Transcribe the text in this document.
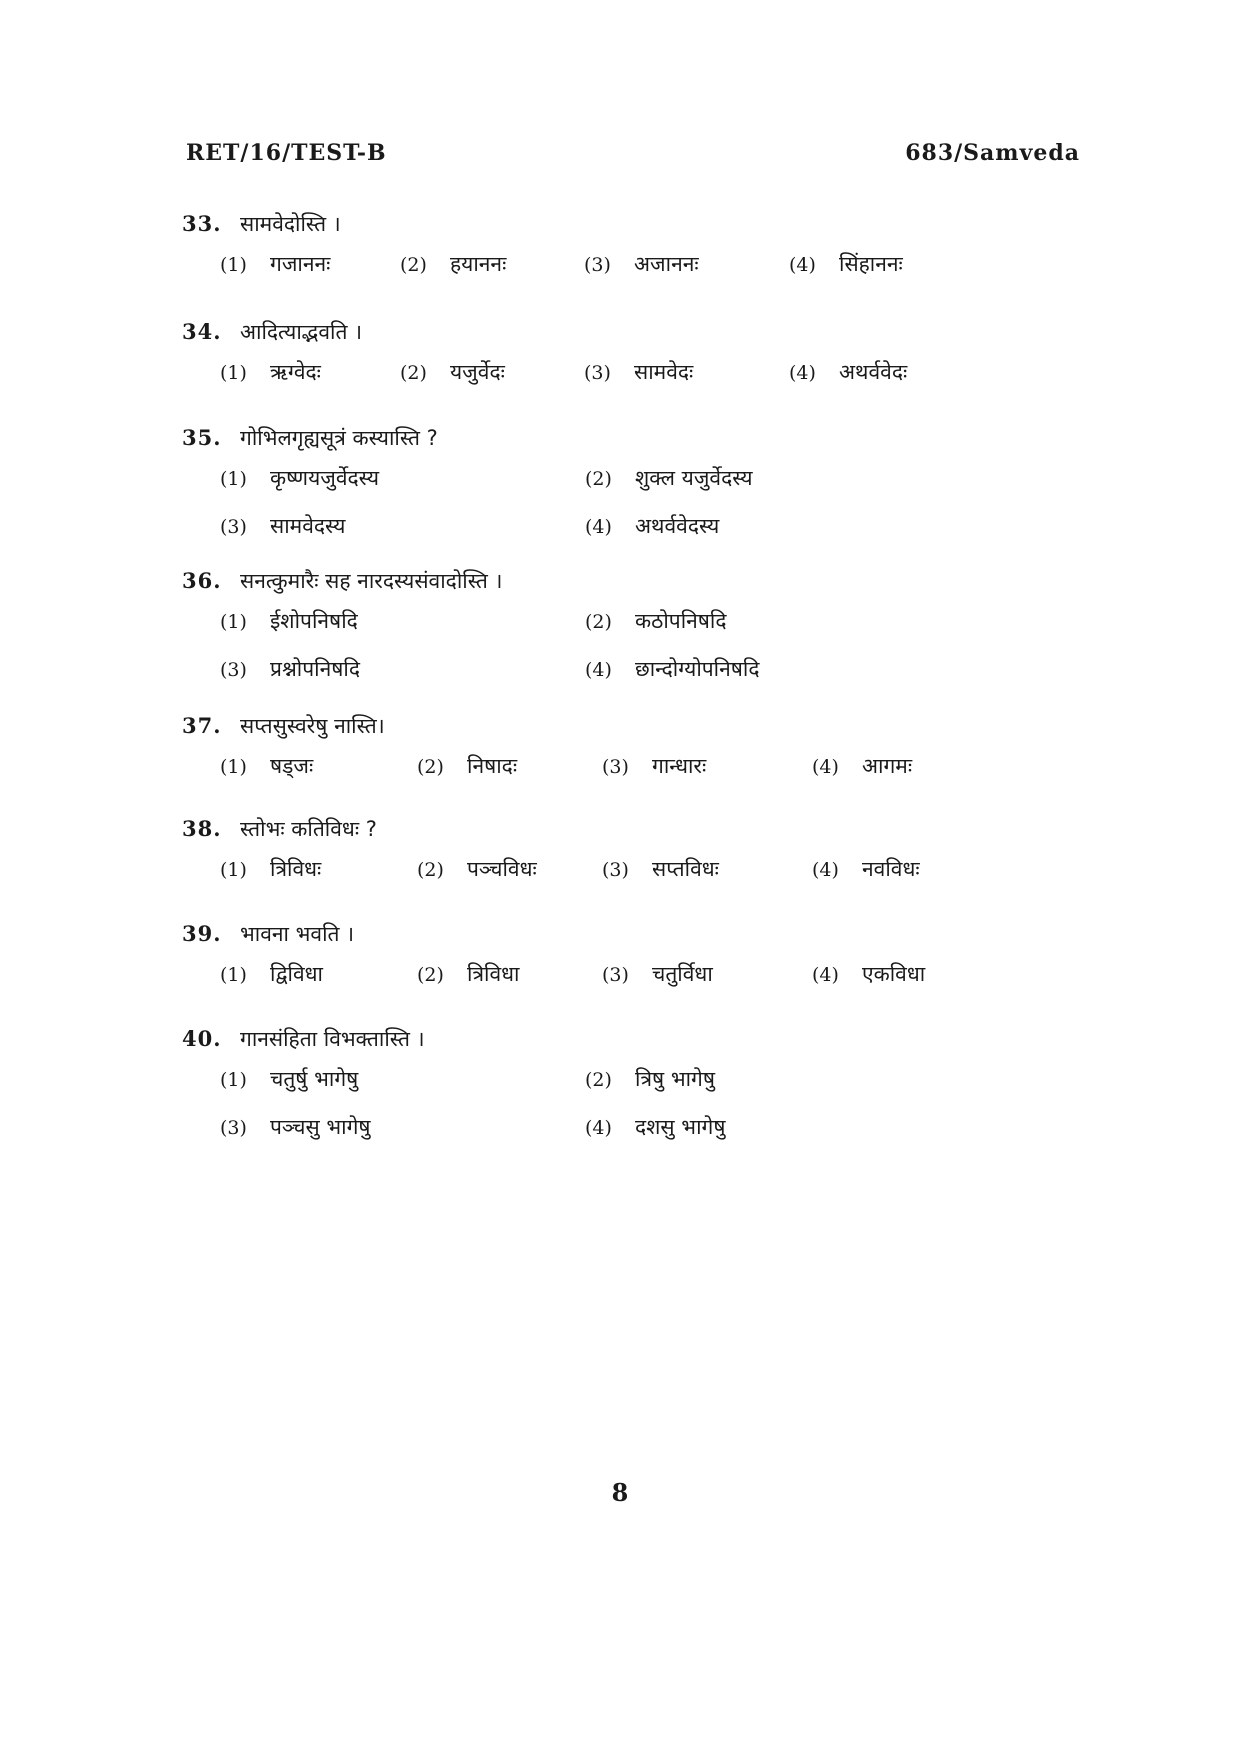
RET/16/TEST-B	683/Samveda
33. सामवेदोस्ति ।
(1)	गजाननः	(2)	हयाननः	(3)	अजाननः	(4)	सिंहाननः
34. आदित्याद्भवति ।
(1)	ऋग्वेदः	(2)	यजुर्वेदः	(3)	सामवेदः	(4)	अथर्ववेदः
35. गोभिलगृह्यसूत्रं कस्यास्ति ?
(1)	कृष्णयजुर्वेदस्य	(2)	शुक्ल यजुर्वेदस्य
(3)	सामवेदस्य	(4)	अथर्ववेदस्य
36. सनत्कुमारैः सह नारदस्यसंवादोस्ति ।
(1)	ईशोपनिषदि	(2)	कठोपनिषदि
(3)	प्रश्नोपनिषदि	(4)	छान्दोग्योपनिषदि
37. सप्तसुस्वरेषु नास्ति।
(1)	षड्जः	(2)	निषादः	(3)	गान्धारः	(4)	आगमः
38. स्तोभः कतिविधः ?
(1)	त्रिविधः	(2)	पञ्चविधः	(3)	सप्तविधः	(4)	नवविधः
39. भावना भवति ।
(1)	द्विविधा	(2)	त्रिविधा	(3)	चतुर्विधा	(4)	एकविधा
40. गानसंहिता विभक्तास्ति ।
(1)	चतुर्षु भागेषु	(2)	त्रिषु भागेषु
(3)	पञ्चसु भागेषु	(4)	दशसु भागेषु
8
